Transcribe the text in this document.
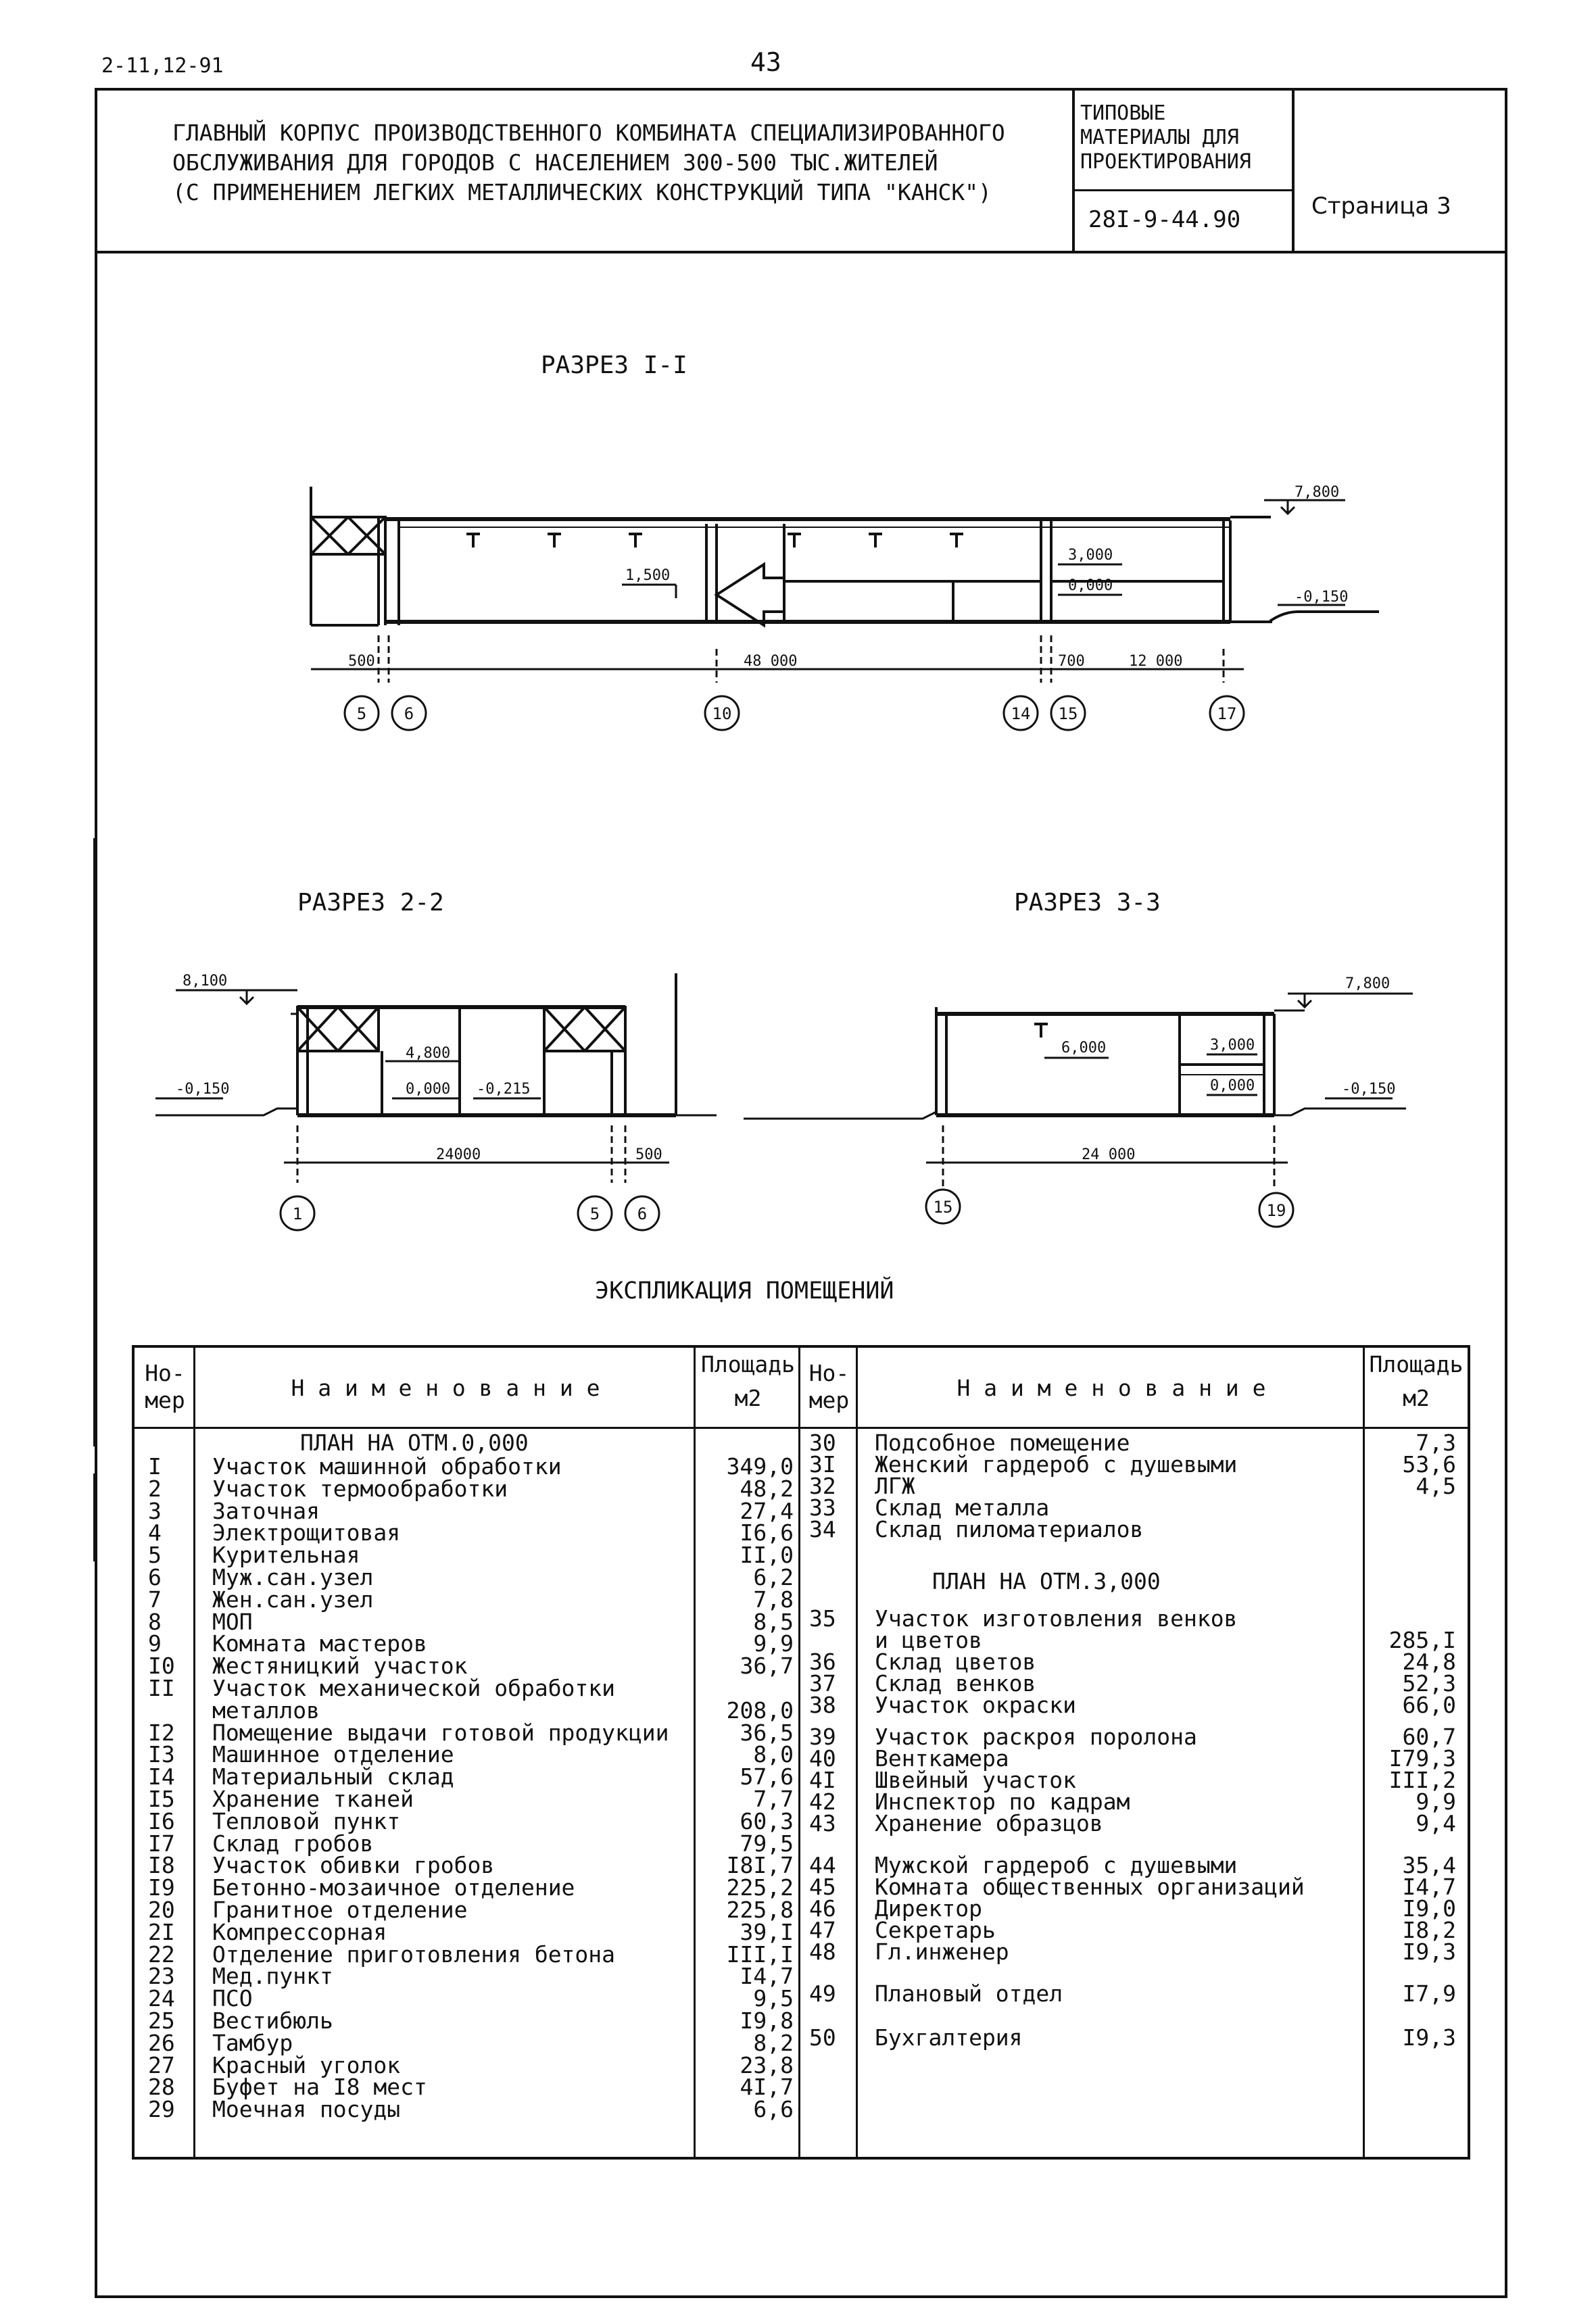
2-11,12-91	43
ГЛАВНЫЙ КОРПУС ПРОИЗВОДСТВЕННОГО КОМБИНАТА СПЕЦИАЛИЗИРОВАННОГО
ОБСЛУЖИВАНИЯ ДЛЯ ГОРОДОВ С НАСЕЛЕНИЕМ 300-500 ТЫС.ЖИТЕЛЕЙ
(С ПРИМЕНЕНИЕМ ЛЕГКИХ МЕТАЛЛИЧЕСКИХ КОНСТРУКЦИЙ ТИПА "КАНСК")
ТИПОВЫЕ
МАТЕРИАЛЫ ДЛЯ
ПРОЕКТИРОВАНИЯ
28I-9-44.90	Страница 3
РАЗРЕЗ I-I
РАЗРЕЗ 2-2	РАЗРЕЗ 3-3
7,800
1,500
3,000
0,000
-0,150
500	48 000	700	12 000
5 6	10	14 15	17
8,100
-0,150
4,800
0,000 -0,215
24000	500
1	5 6
7,800
6,000	3,000
0,000	-0,150
24 000
15	19
ЭКСПЛИКАЦИЯ ПОМЕЩЕНИЙ
Но-
мер	Н а и м е н о в а н и е
Площадь
м2
Но-
мер	Н а и м е н о в а н и е
Площадь
м2
ПЛАН НА ОТМ.0,000
I Участок машинной обработки	349,0
2 Участок термообработки	48,2
3 Заточная	27,4
4 Электрощитовая	I6,6
5 Курительная	II,0
6 Муж.сан.узел	6,2
7 Жен.сан.узел	7,8
8 МОП	8,5
9 Комната мастеров	9,9
I0 Жестяницкий участок	36,7
II Участок механической обработки
металлов	208,0
I2 Помещение выдачи готовой продукции	36,5
I3 Машинное отделение	8,0
I4 Материальный склад	57,6
I5 Хранение тканей	7,7
I6 Тепловой пункт	60,3
I7 Склад гробов	79,5
I8 Участок обивки гробов	I8I,7
I9 Бетонно-мозаичное отделение	225,2
20 Гранитное отделение	225,8
2I Компрессорная	39,I
22 Отделение приготовления бетона	III,I
23 Мед.пункт	I4,7
24 ПСО	9,5
25 Вестибюль	I9,8
26 Тамбур	8,2
27 Красный уголок	23,8
28 Буфет на I8 мест	4I,7
29 Моечная посуды	6,6
30 Подсобное помещение	7,3
3I Женский гардероб с душевыми	53,6
32 ЛГЖ	4,5
33 Склад металла
34 Склад пиломатериалов
35 Участок изготовления венков
и цветов	285,I
36 Склад цветов	24,8
37 Склад венков	52,3
38 Участок окраски	66,0
39 Участок раскроя поролона	60,7
40 Венткамера	I79,3
4I Швейный участок	III,2
42 Инспектор по кадрам	9,9
43 Хранение образцов	9,4
44 Мужской гардероб с душевыми	35,4
45 Комната общественных организаций	I4,7
46 Директор	I9,0
47 Секретарь	I8,2
48 Гл.инженер	I9,3
49 Плановый отдел	I7,9
50 Бухгалтерия	I9,3
ПЛАН НА ОТМ.3,000
